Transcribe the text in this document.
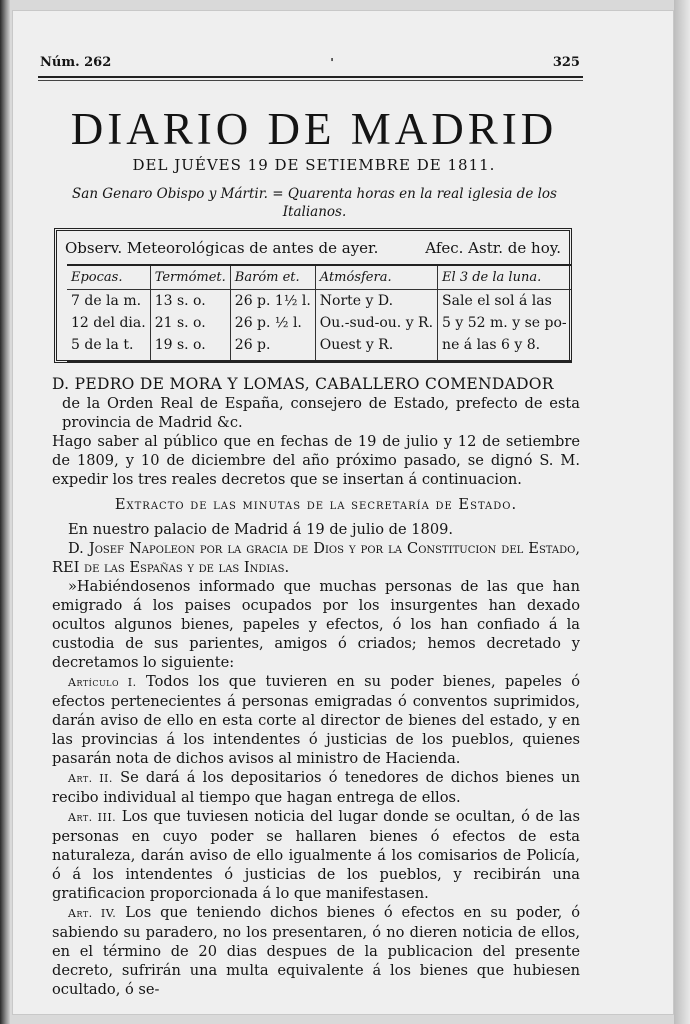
Núm. 262	'	325
DIARIO DE MADRID
DEL JUÉVES 19 DE SETIEMBRE DE 1811.
San Genaro Obispo y Mártir. = Quarenta horas en la real iglesia de los Italianos.
Observ. Meteorológicas de antes de ayer.	Afec. Astr. de hoy.
Epocas.	Termómet.	Baróm et.	Atmósfera.	El 3 de la luna.
7 de la m.	13 s. o.	26 p. 1½ l.	Norte y D.	Sale el sol á las
12 del dia.	21 s. o.	26 p. ½ l.	Ou.-sud-ou. y R.	5 y 52 m. y se po-
5 de la t.	19 s. o.	26 p.	Ouest y R.	ne á las 6 y 8.

D. PEDRO DE MORA Y LOMAS, CABALLERO COMENDADOR

de la Orden Real de España, consejero de Estado, prefecto de esta provincia de Madrid &c.

Hago saber al público que en fechas de 19 de julio y 12 de setiembre de 1809, y 10 de diciembre del año próximo pasado, se dignó S. M. expedir los tres reales decretos que se insertan á continuacion.

Extracto de las minutas de la secretaría de Estado.

En nuestro palacio de Madrid á 19 de julio de 1809.

D. Josef Napoleon por la gracia de Dios y por la Constitucion del Estado, REI de las Españas y de las Indias.

»Habiéndosenos informado que muchas personas de las que han emigrado á los paises ocupados por los insurgentes han dexado ocultos algunos bienes, papeles y efectos, ó los han confiado á la custodia de sus parientes, amigos ó criados; hemos decretado y decretamos lo siguiente:

Artículo I. Todos los que tuvieren en su poder bienes, papeles ó efectos pertenecientes á personas emigradas ó conventos suprimidos, darán aviso de ello en esta corte al director de bienes del estado, y en las provincias á los intendentes ó justicias de los pueblos, quienes pasarán nota de dichos avisos al ministro de Hacienda.

Art. II. Se dará á los depositarios ó tenedores de dichos bienes un recibo individual al tiempo que hagan entrega de ellos.

Art. III. Los que tuviesen noticia del lugar donde se ocultan, ó de las personas en cuyo poder se hallaren bienes ó efectos de esta naturaleza, darán aviso de ello igualmente á los comisarios de Policía, ó á los intendentes ó justicias de los pueblos, y recibirán una gratificacion proporcionada á lo que manifestasen.

Art. IV. Los que teniendo dichos bienes ó efectos en su poder, ó sabiendo su paradero, no los presentaren, ó no dieren noticia de ellos, en el término de 20 dias despues de la publicacion del presente decreto, sufrirán una multa equivalente á los bienes que hubiesen ocultado, ó se-
